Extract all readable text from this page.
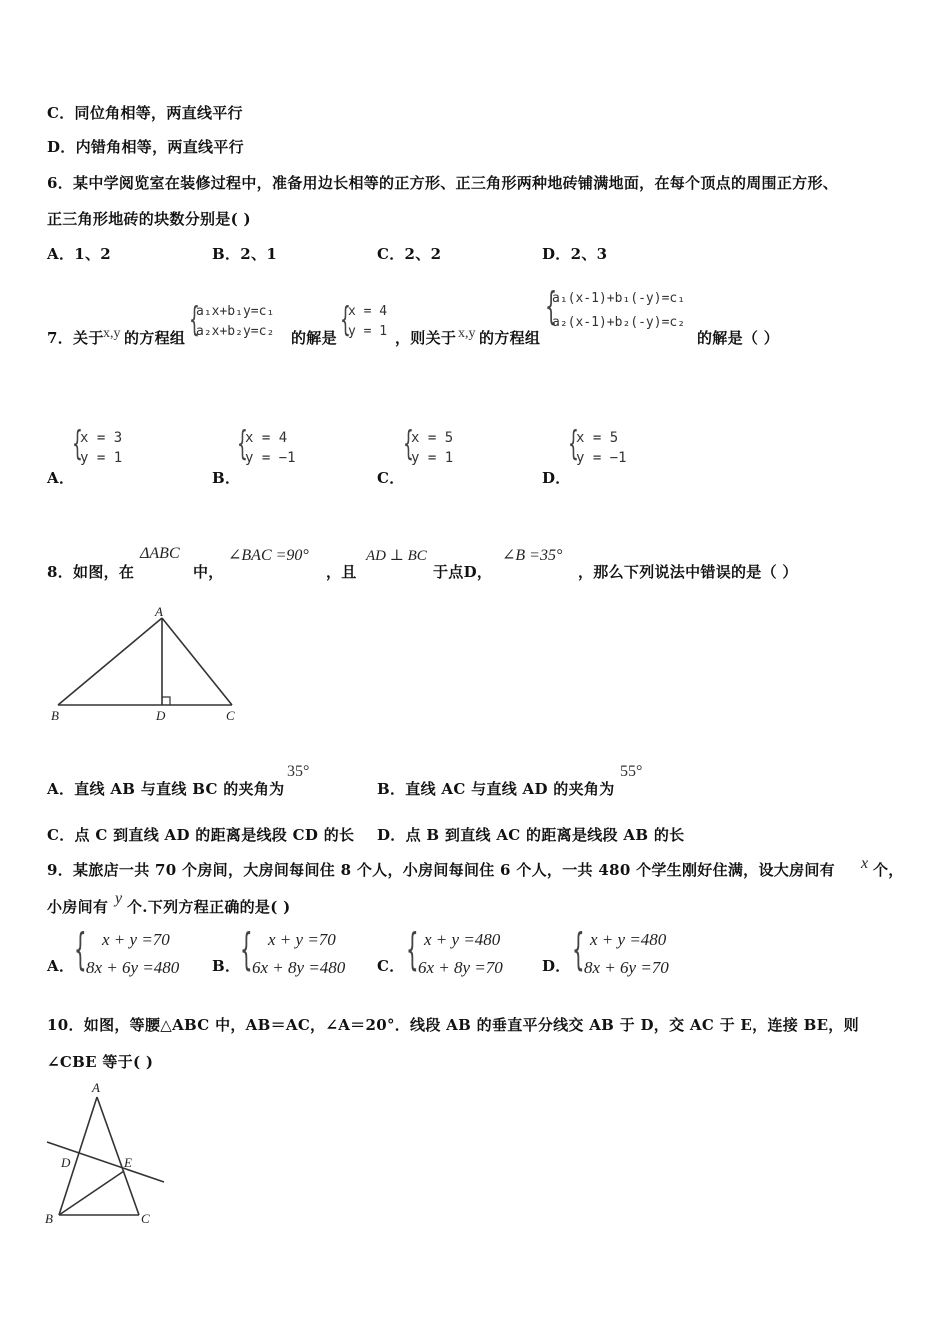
C．同位角相等，两直线平行
D．内错角相等，两直线平行
6．某中学阅览室在装修过程中，准备用边长相等的正方形、正三角形两种地砖铺满地面，在每个顶点的周围正方形、
正三角形地砖的块数分别是( )
A．1、2	B．2、1	C．2、2	D．2、3
7．关于 x,y 的方程组 {
a₁x+b₁y=c₁
a₂x+b₂y=c₂ 的解是 {
x = 4
y = 1 ，则关于 x,y 的方程组
{
a₁(x-1)+b₁(-y)=c₁
a₂(x-1)+b₂(-y)=c₂
的解是（ ）
A．
{
x = 3
y = 1
B．
{
x = 4
y = −1
C．
{
x = 5
y = 1
D．
{
x = 5
y = −1
8．如图，在
ΔABC
中，
∠BAC =90°
，且
AD ⊥ BC
于点D，
∠B =35°
，那么下列说法中错误的是（ ）
A
B	D	C
A．直线 AB 与直线 BC 的夹角为
35°
B．直线 AC 与直线 AD 的夹角为
55°
C．点 C 到直线 AD 的距离是线段 CD 的长 D．点 B 到直线 AC 的距离是线段 AB 的长
9．某旅店一共 70 个房间，大房间每间住 8 个人，小房间每间住 6 个人，一共 480 个学生刚好住满，设大房间有 x 个，
小房间有 y 个.下列方程正确的是( )
A． { x + y =70
8x + 6y =480 B． { x + y =70
6x + 8y =480 C． { x + y =480
6x + 8y =70	D． { x + y =480
8x + 6y =70
10．如图，等腰△ABC 中，AB＝AC，∠A＝20°．线段 AB 的垂直平分线交 AB 于 D，交 AC 于 E，连接 BE，则
∠CBE 等于( )
A
D	E
B	C
